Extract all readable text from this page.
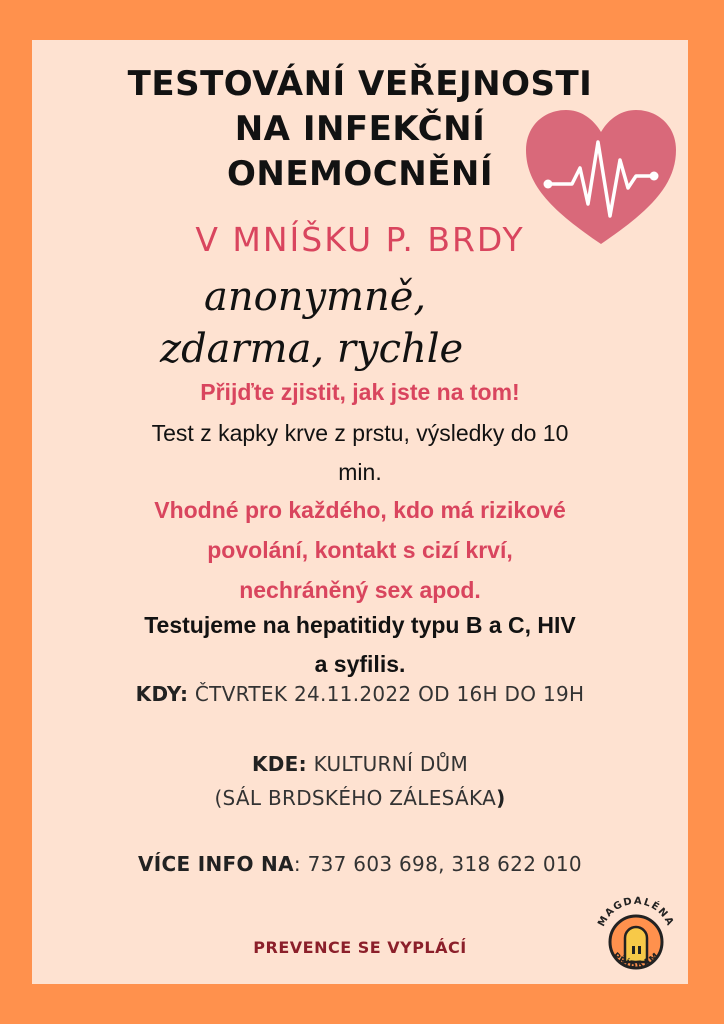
TESTOVÁNÍ VEŘEJNOSTI
NA INFEKČNÍ
ONEMOCNĚNÍ
V MNÍŠKU P. BRDY
anonymně,
zdarma, rychle
Přijďte zjistit, jak jste na tom!
Test z kapky krve z prstu, výsledky do 10
min.
Vhodné pro každého, kdo má rizikové
povolání, kontakt s cizí krví,
nechráněný sex apod.
Testujeme na hepatitidy typu B a C, HIV
a syfilis.
KDY: ČTVRTEK 24.11.2022 OD 16H DO 19H
KDE: KULTURNÍ DŮM
(SÁL BRDSKÉHO ZÁLESÁKA)
VÍCE INFO NA: 737 603 698, 318 622 010
PREVENCE SE VYPLÁCÍ
MAGDALÉNA
PŘÍBRAM
